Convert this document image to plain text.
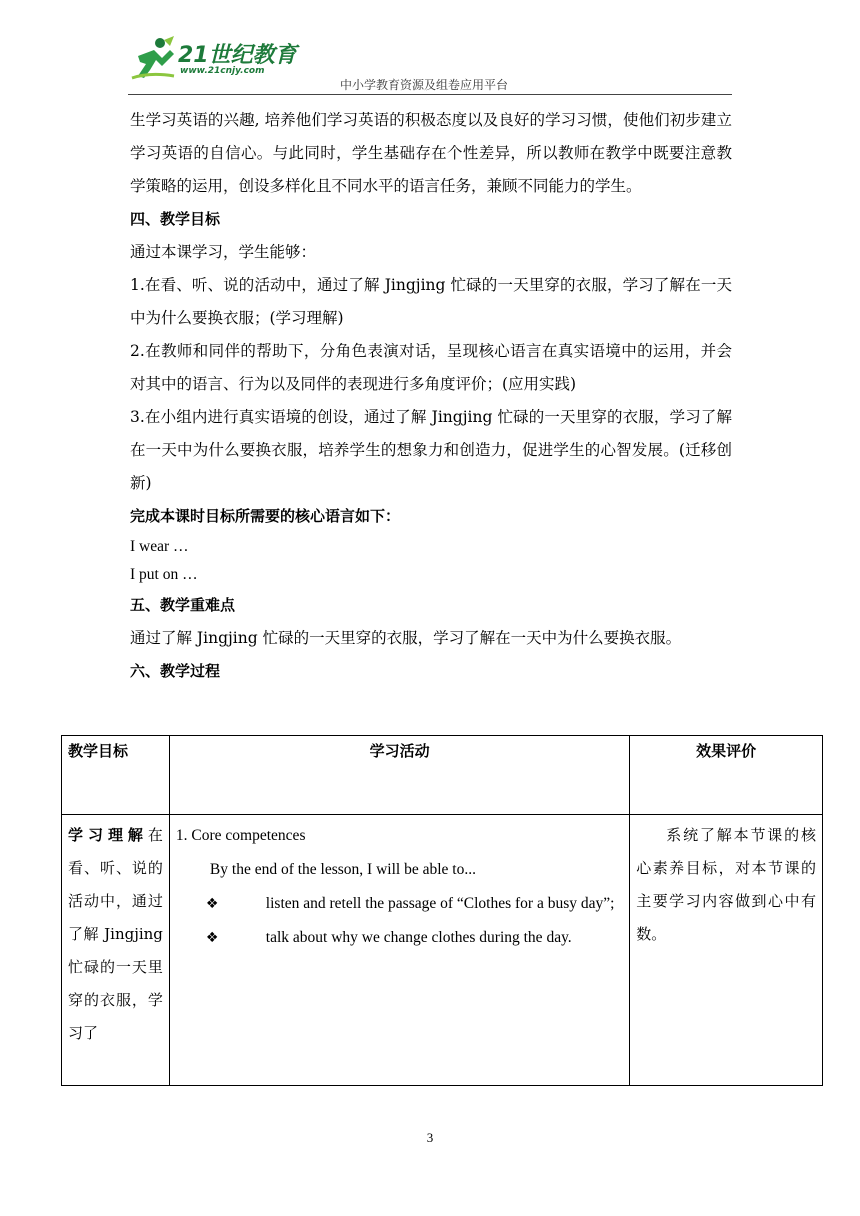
21世纪教育
www.21cnjy.com
中小学教育资源及组卷应用平台

生学习英语的兴趣, 培养他们学习英语的积极态度以及良好的学习习惯，使他们初步建立学习英语的自信心。与此同时，学生基础存在个性差异，所以教师在教学中既要注意教学策略的运用，创设多样化且不同水平的语言任务，兼顾不同能力的学生。

四、教学目标

通过本课学习，学生能够：

1.在看、听、说的活动中，通过了解 Jingjing 忙碌的一天里穿的衣服，学习了解在一天中为什么要换衣服；(学习理解)

2.在教师和同伴的帮助下，分角色表演对话，呈现核心语言在真实语境中的运用，并会对其中的语言、行为以及同伴的表现进行多角度评价；(应用实践)

3.在小组内进行真实语境的创设，通过了解 Jingjing 忙碌的一天里穿的衣服，学习了解在一天中为什么要换衣服，培养学生的想象力和创造力，促进学生的心智发展。(迁移创新)

完成本课时目标所需要的核心语言如下：

I wear …

I put on …

五、教学重难点

通过了解 Jingjing 忙碌的一天里穿的衣服，学习了解在一天中为什么要换衣服。

六、教学过程

教学目标	学习活动	效果评价
学习理解在看、听、说的活动中，通过了解 Jingjing 忙碌的一天里穿的衣服，学习了	1. Core competences
By the end of the lesson, I will be able to...
❖ listen and retell the passage of “Clothes for a busy day”;
❖ talk about why we change clothes during the day.	系统了解本节课的核心素养目标，对本节课的主要学习内容做到心中有数。
3
